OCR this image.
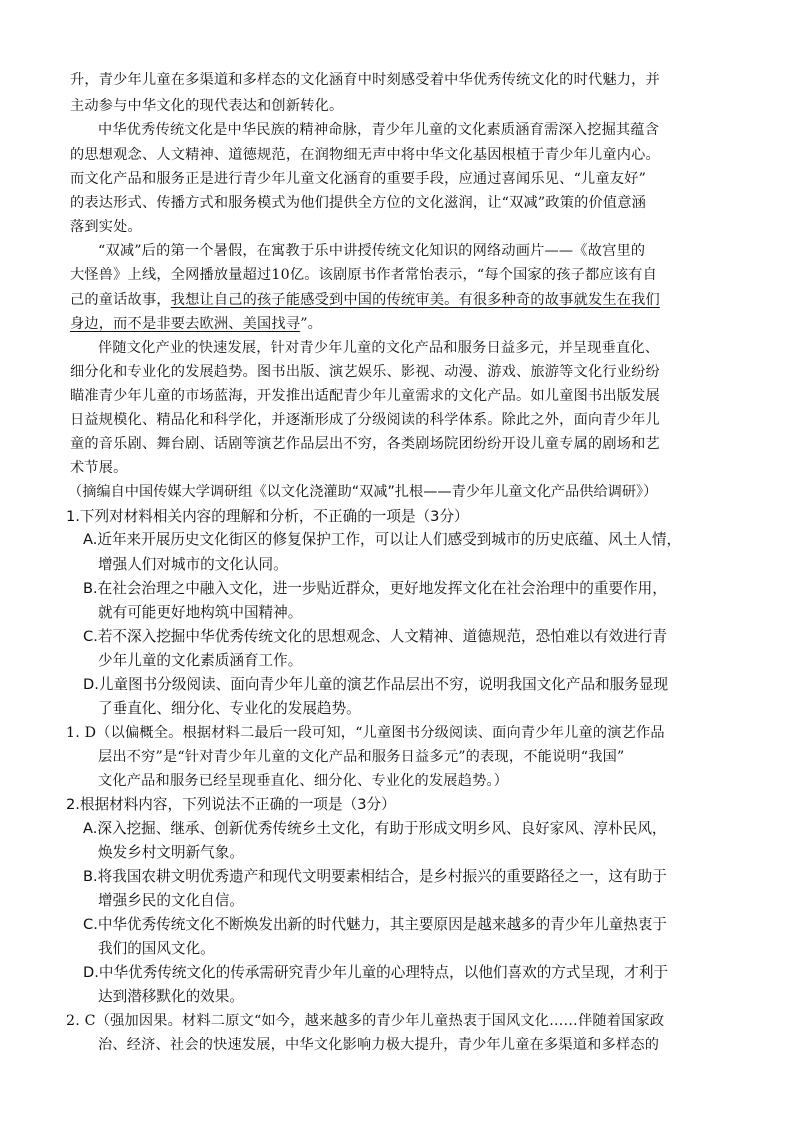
升，青少年儿童在多渠道和多样态的文化涵育中时刻感受着中华优秀传统文化的时代魅力，并
主动参与中华文化的现代表达和创新转化。
中华优秀传统文化是中华民族的精神命脉，青少年儿童的文化素质涵育需深入挖掘其蕴含
的思想观念、人文精神、道德规范，在润物细无声中将中华文化基因根植于青少年儿童内心。
而文化产品和服务正是进行青少年儿童文化涵育的重要手段，应通过喜闻乐见、“儿童友好”
的表达形式、传播方式和服务模式为他们提供全方位的文化滋润，让“双减”政策的价值意涵
落到实处。
“双减”后的第一个暑假，在寓教于乐中讲授传统文化知识的网络动画片——《故宫里的
大怪兽》上线，全网播放量超过10亿。该剧原书作者常怡表示，“每个国家的孩子都应该有自
己的童话故事，我想让自己的孩子能感受到中国的传统审美。有很多种奇的故事就发生在我们
身边，而不是非要去欧洲、美国找寻”。
伴随文化产业的快速发展，针对青少年儿童的文化产品和服务日益多元，并呈现垂直化、
细分化和专业化的发展趋势。图书出版、演艺娱乐、影视、动漫、游戏、旅游等文化行业纷纷
瞄准青少年儿童的市场蓝海，开发推出适配青少年儿童需求的文化产品。如儿童图书出版发展
日益规模化、精品化和科学化，并逐渐形成了分级阅读的科学体系。除此之外，面向青少年儿
童的音乐剧、舞台剧、话剧等演艺作品层出不穷，各类剧场院团纷纷开设儿童专属的剧场和艺
术节展。
（摘编自中国传媒大学调研组《以文化浇灌助“双减”扎根——青少年儿童文化产品供给调研》）
1.下列对材料相关内容的理解和分析，不正确的一项是（3分）
A.近年来开展历史文化街区的修复保护工作，可以让人们感受到城市的历史底蕴、风土人情，
增强人们对城市的文化认同。
B.在社会治理之中融入文化，进一步贴近群众，更好地发挥文化在社会治理中的重要作用，
就有可能更好地构筑中国精神。
C.若不深入挖掘中华优秀传统文化的思想观念、人文精神、道德规范，恐怕难以有效进行青
少年儿童的文化素质涵育工作。
D.儿童图书分级阅读、面向青少年儿童的演艺作品层出不穷，说明我国文化产品和服务显现
了垂直化、细分化、专业化的发展趋势。
1. D（以偏概全。根据材料二最后一段可知，“儿童图书分级阅读、面向青少年儿童的演艺作品
层出不穷”是“针对青少年儿童的文化产品和服务日益多元”的表现，不能说明“我国”
文化产品和服务已经呈现垂直化、细分化、专业化的发展趋势。）
2.根据材料内容，下列说法不正确的一项是（3分）
A.深入挖掘、继承、创新优秀传统乡土文化，有助于形成文明乡风、良好家风、淳朴民风，
焕发乡村文明新气象。
B.将我国农耕文明优秀遗产和现代文明要素相结合，是乡村振兴的重要路径之一，这有助于
增强乡民的文化自信。
C.中华优秀传统文化不断焕发出新的时代魅力，其主要原因是越来越多的青少年儿童热衷于
我们的国风文化。
D.中华优秀传统文化的传承需研究青少年儿童的心理特点，以他们喜欢的方式呈现，才利于
达到潜移默化的效果。
2. C（强加因果。材料二原文“如今，越来越多的青少年儿童热衷于国风文化……伴随着国家政
治、经济、社会的快速发展，中华文化影响力极大提升，青少年儿童在多渠道和多样态的
